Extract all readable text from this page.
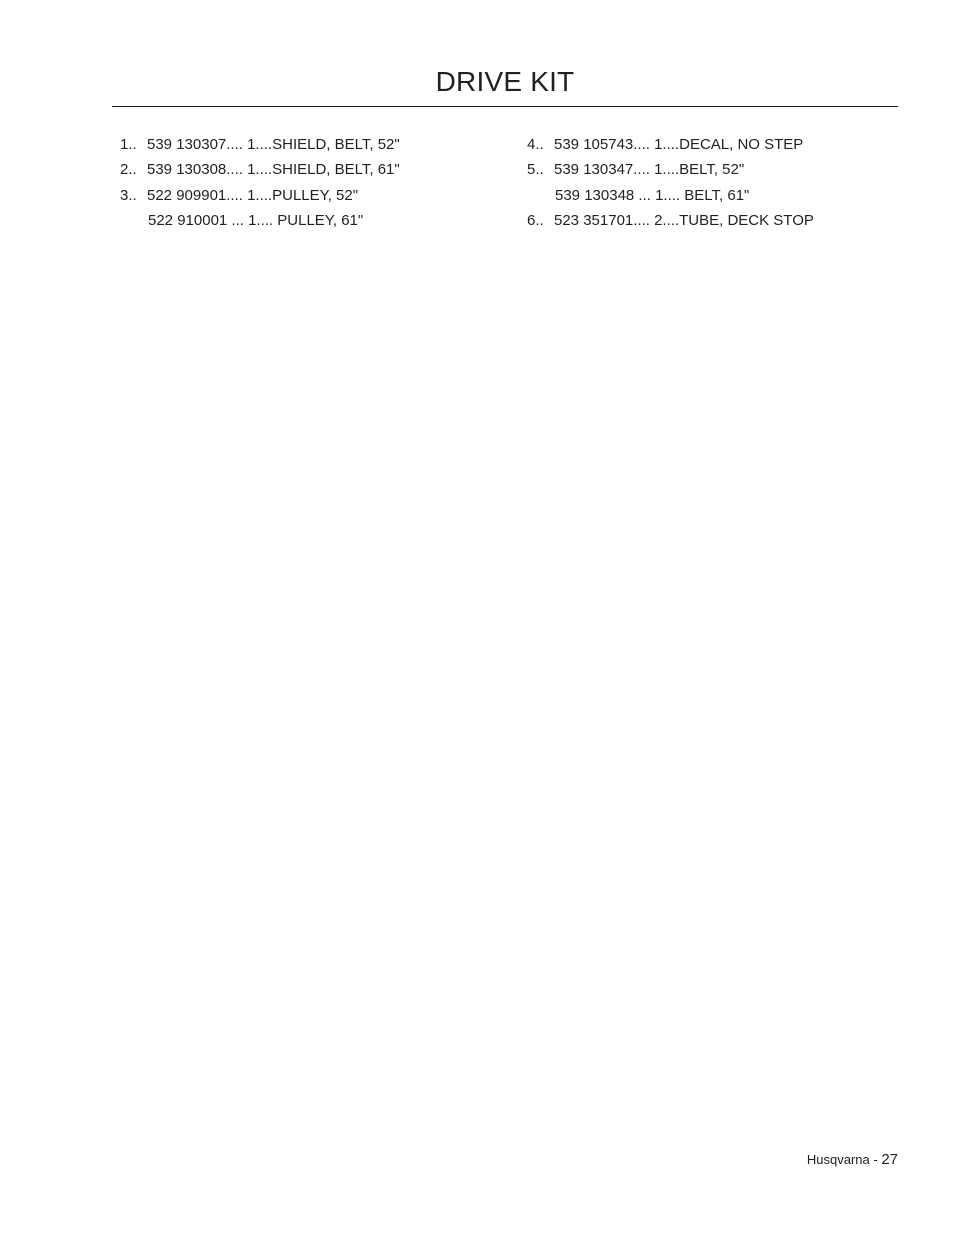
DRIVE KIT
1.. 539 130307.... 1....SHIELD, BELT, 52"
2.. 539 130308.... 1....SHIELD, BELT, 61"
3.. 522 909901.... 1....PULLEY, 52"
522 910001 ... 1.... PULLEY, 61"
4.. 539 105743.... 1....DECAL, NO STEP
5.. 539 130347.... 1....BELT, 52"
539 130348 ... 1.... BELT, 61"
6.. 523 351701.... 2....TUBE, DECK STOP
Husqvarna - 27
